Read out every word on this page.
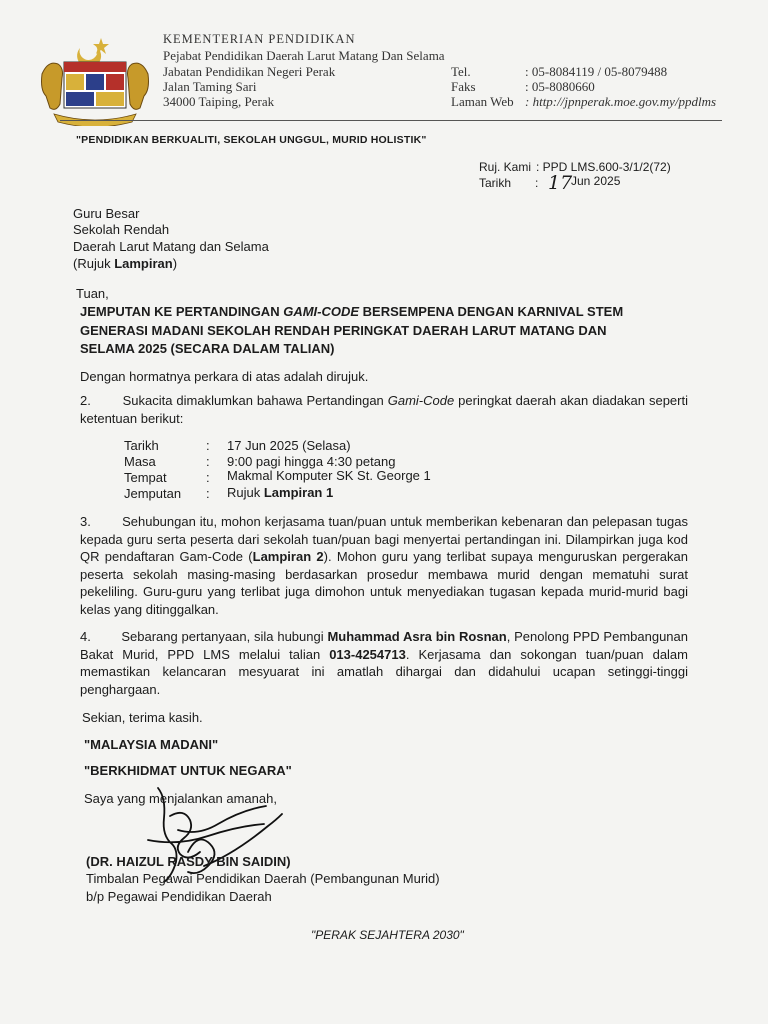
KEMENTERIAN PENDIDIKAN
Pejabat Pendidikan Daerah Larut Matang Dan Selama
Jabatan Pendidikan Negeri Perak
Jalan Taming Sari
34000 Taiping, Perak
Tel.	: 05-8084119 / 05-8079488
Faks	: 05-8080660
Laman Web : http://jpnperak.moe.gov.my/ppdlms
"PENDIDIKAN BERKUALITI, SEKOLAH UNGGUL, MURID HOLISTIK"
Ruj. Kami : PPD LMS.600-3/1/2(72)
Tarikh : 17
Jun 2025
Guru Besar
Sekolah Rendah
Daerah Larut Matang dan Selama
(Rujuk Lampiran)
Tuan,
JEMPUTAN KE PERTANDINGAN GAMI-CODE BERSEMPENA DENGAN KARNIVAL STEM
GENERASI MADANI SEKOLAH RENDAH PERINGKAT DAERAH LARUT MATANG DAN
SELAMA 2025 (SECARA DALAM TALIAN)
Dengan hormatnya perkara di atas adalah dirujuk.
2. Sukacita dimaklumkan bahawa Pertandingan Gami-Code peringkat daerah akan diadakan seperti ketentuan berikut:
Tarikh	: 17 Jun 2025 (Selasa)
Masa	: 9:00 pagi hingga 4:30 petang
Tempat	: Makmal Komputer SK St. George 1
Jemputan : Rujuk Lampiran 1
3. Sehubungan itu, mohon kerjasama tuan/puan untuk memberikan kebenaran dan pelepasan tugas kepada guru serta peserta dari sekolah tuan/puan bagi menyertai pertandingan ini. Dilampirkan juga kod QR pendaftaran Gam-Code (Lampiran 2). Mohon guru yang terlibat supaya menguruskan pergerakan peserta sekolah masing-masing berdasarkan prosedur membawa murid dengan mematuhi surat pekeliling. Guru-guru yang terlibat juga dimohon untuk menyediakan tugasan kepada murid-murid bagi kelas yang ditinggalkan.
4. Sebarang pertanyaan, sila hubungi Muhammad Asra bin Rosnan, Penolong PPD Pembangunan Bakat Murid, PPD LMS melalui talian 013-4254713. Kerjasama dan sokongan tuan/puan dalam memastikan kelancaran mesyuarat ini amatlah dihargai dan didahului ucapan setinggi-tinggi penghargaan.
Sekian, terima kasih.
"MALAYSIA MADANI"
"BERKHIDMAT UNTUK NEGARA"
Saya yang menjalankan amanah,
(DR. HAIZUL RASDY BIN SAIDIN)
Timbalan Pegawai Pendidikan Daerah (Pembangunan Murid)
b/p Pegawai Pendidikan Daerah
"PERAK SEJAHTERA 2030"
